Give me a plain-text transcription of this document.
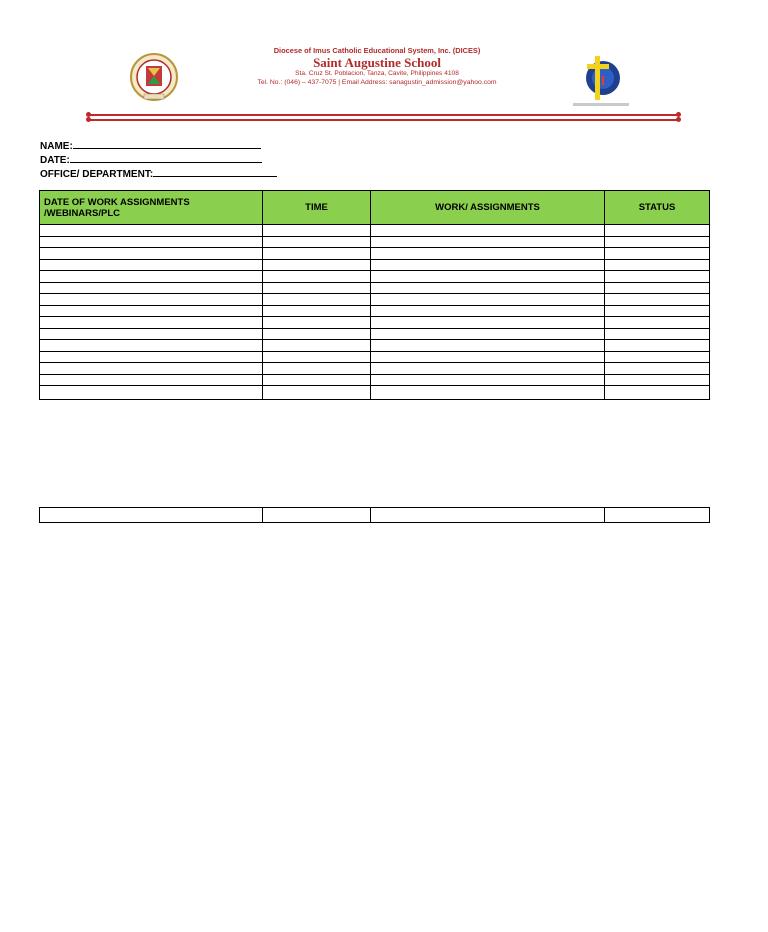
Diocese of Imus Catholic Educational System, Inc. (DICES)
Saint Augustine School
Sta. Cruz St. Poblacion, Tanza, Cavite, Philippines 4108
Tel. No.: (046) – 437-7075 | Email Address: sanagustin_admission@yahoo.com	I
NAME:
DATE:
OFFICE/ DEPARTMENT:
DATE OF WORK ASSIGNMENTS /WEBINARS/PLC	TIME	WORK/ ASSIGNMENTS	STATUS
